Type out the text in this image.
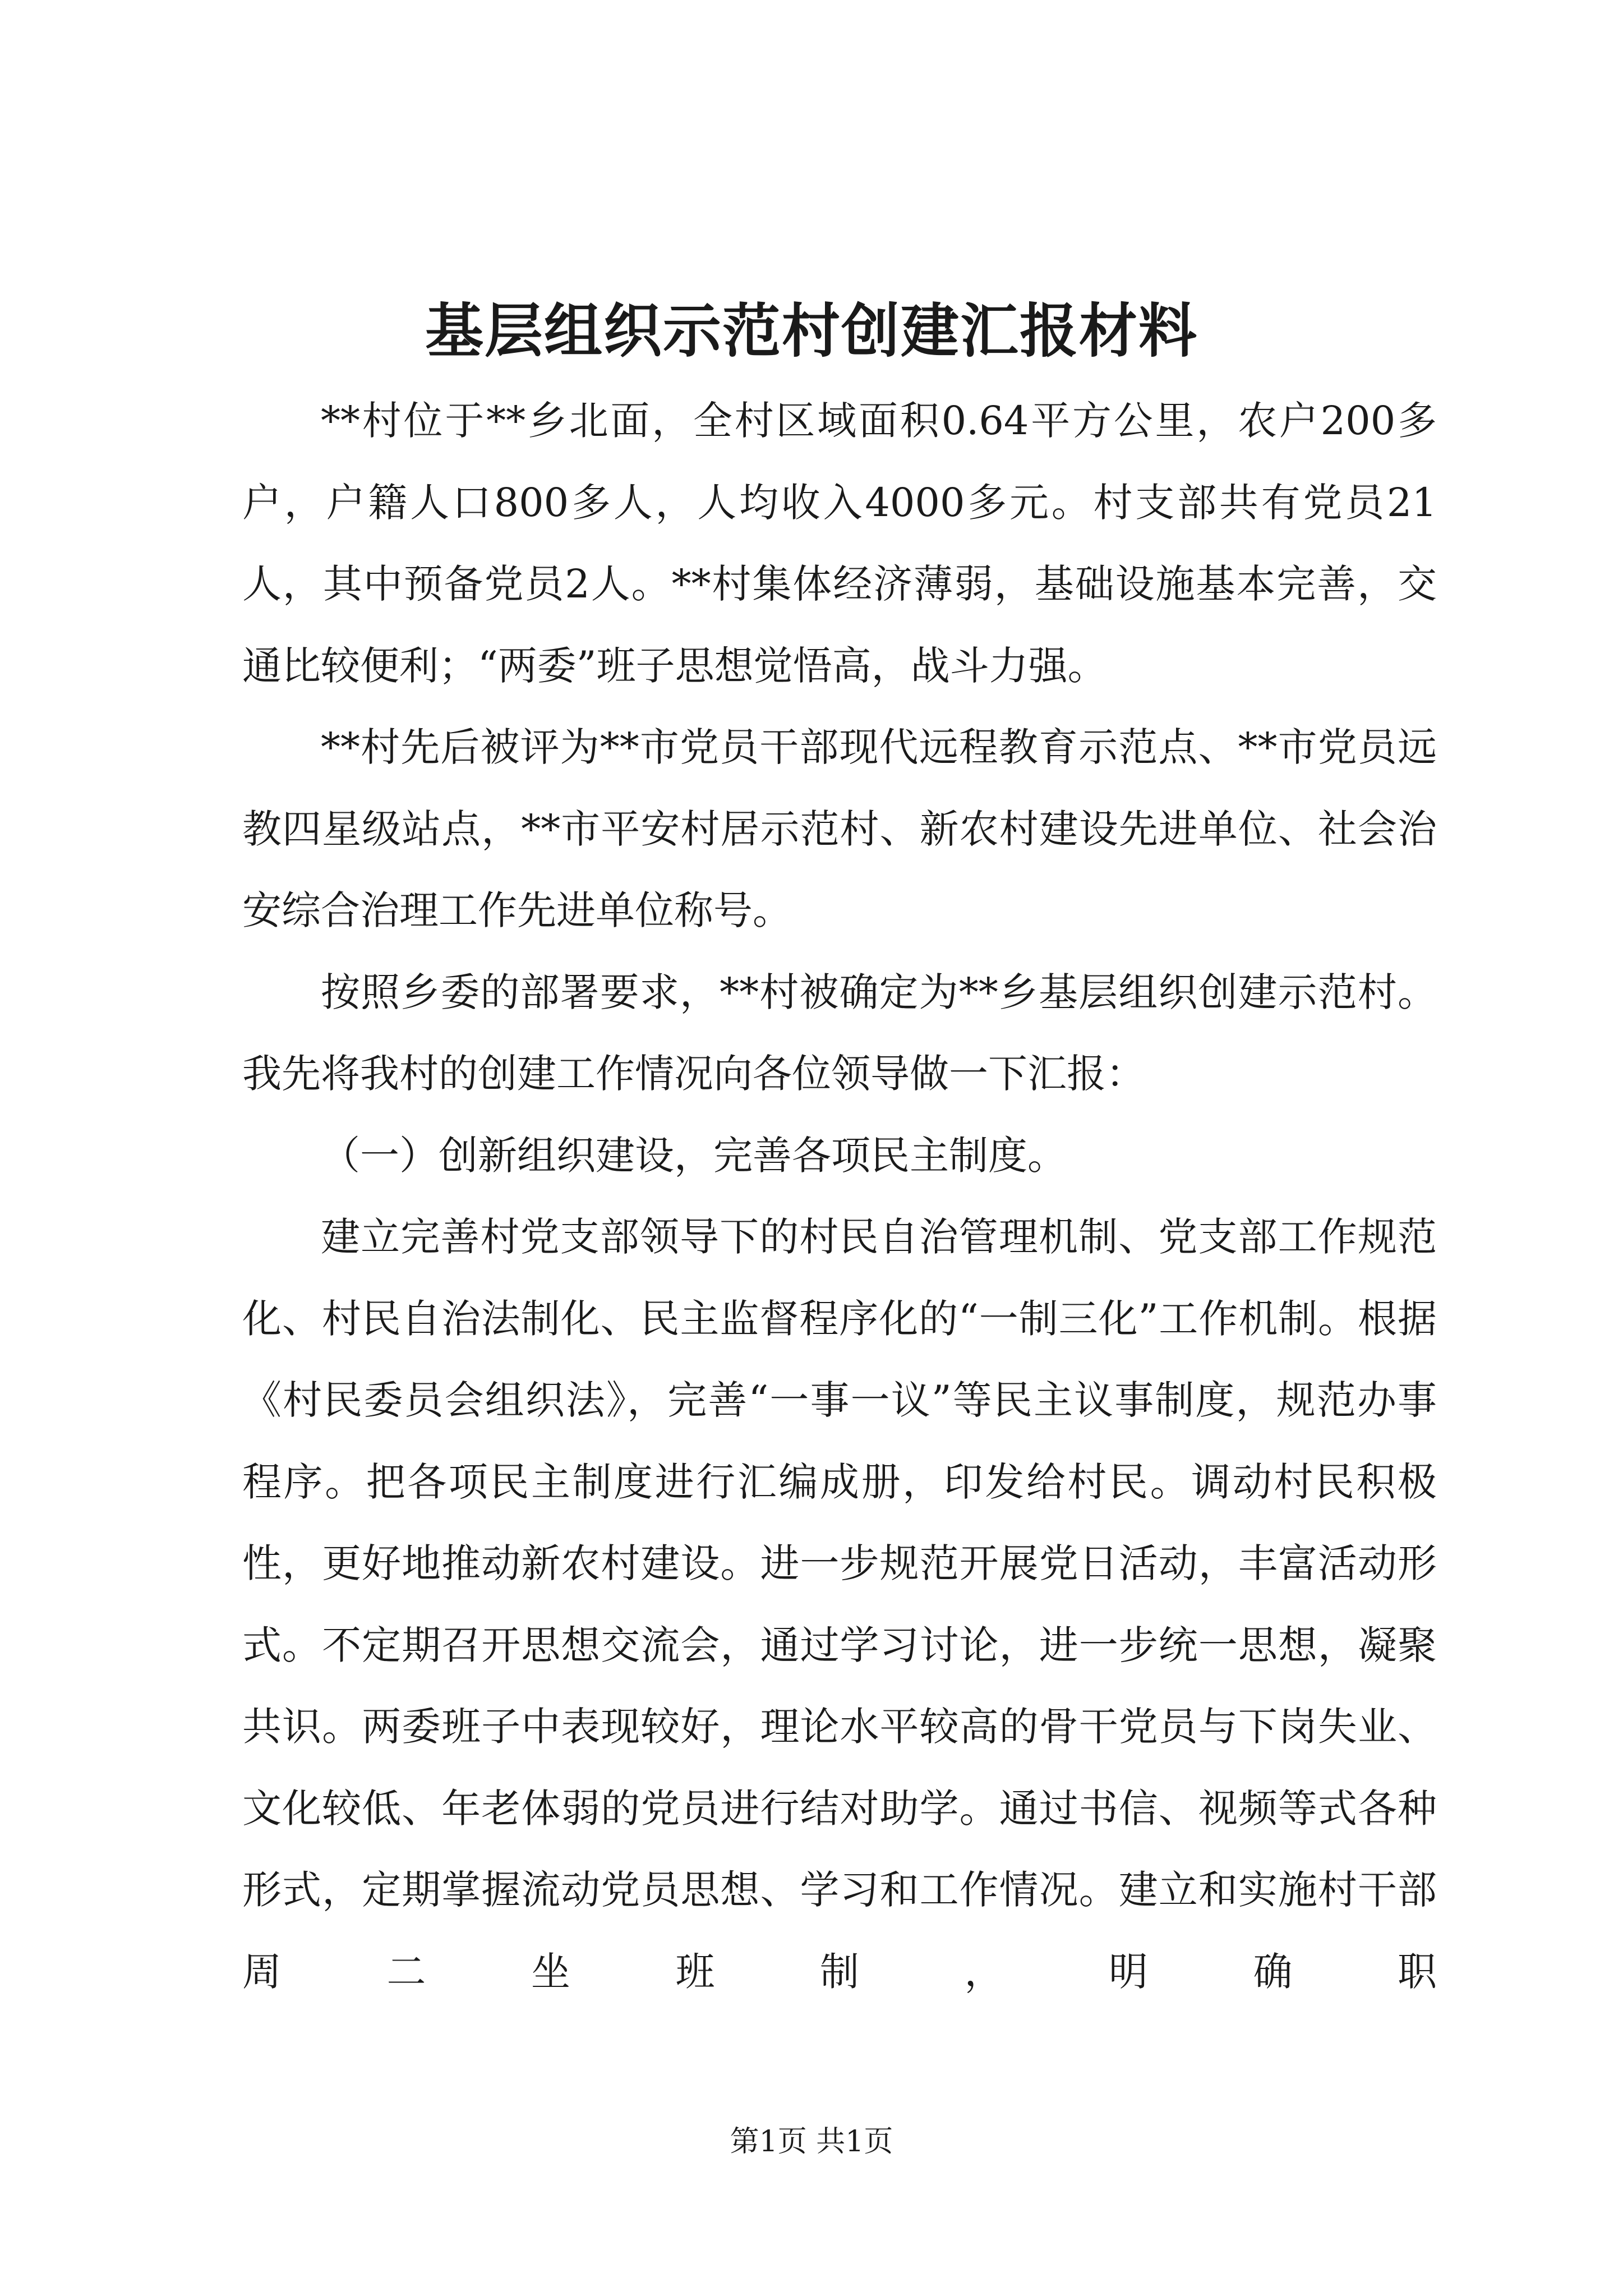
基层组织示范村创建汇报材料

**村位于**乡北面，全村区域面积0.64平方公里，农户200多户，户籍人口800多人，人均收入4000多元。村支部共有党员21人，其中预备党员2人。**村集体经济薄弱，基础设施基本完善，交通比较便利；“两委”班子思想觉悟高，战斗力强。

**村先后被评为**市党员干部现代远程教育示范点、**市党员远教四星级站点，**市平安村居示范村、新农村建设先进单位、社会治安综合治理工作先进单位称号。

按照乡委的部署要求，**村被确定为**乡基层组织创建示范村。我先将我村的创建工作情况向各位领导做一下汇报：

（一）创新组织建设，完善各项民主制度。

建立完善村党支部领导下的村民自治管理机制、党支部工作规范化、村民自治法制化、民主监督程序化的“一制三化”工作机制。根据《村民委员会组织法》，完善“一事一议”等民主议事制度，规范办事程序。把各项民主制度进行汇编成册，印发给村民。调动村民积极性，更好地推动新农村建设。进一步规范开展党日活动，丰富活动形式。不定期召开思想交流会，通过学习讨论，进一步统一思想，凝聚共识。两委班子中表现较好，理论水平较高的骨干党员与下岗失业、文化较低、年老体弱的党员进行结对助学。通过书信、视频等式各种形式，定期掌握流动党员思想、学习和工作情况。建立和实施村干部周二坐班制，明确职

第1页 共1页
